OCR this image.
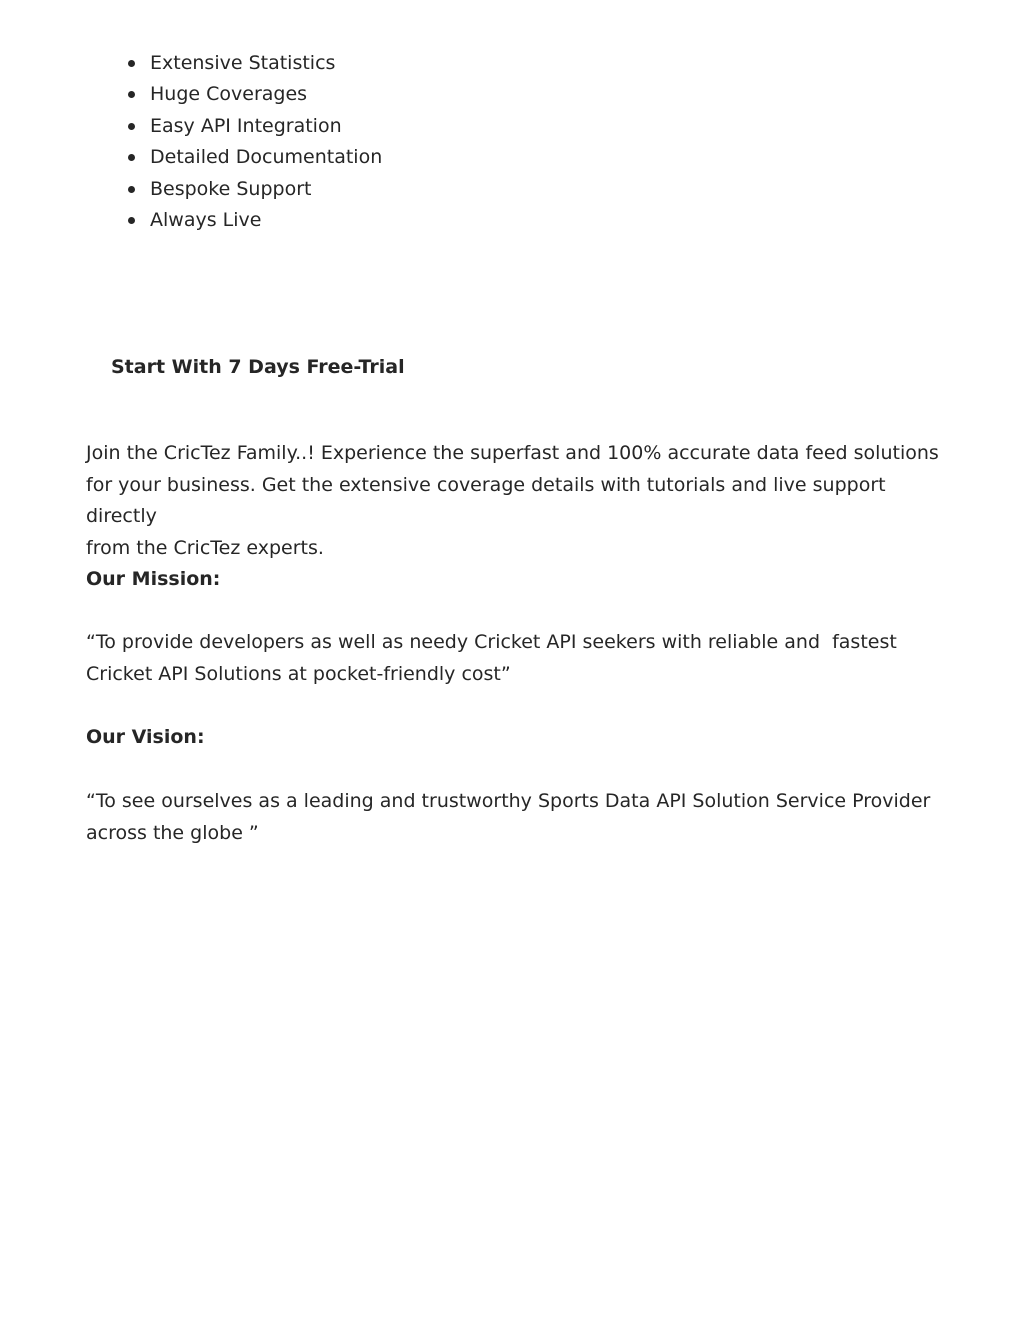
Extensive Statistics
Huge Coverages
Easy API Integration
Detailed Documentation
Bespoke Support
Always Live
Start With 7 Days Free-Trial

Join the CricTez Family..! Experience the superfast and 100% accurate data feed solutions
for your business. Get the extensive coverage details with tutorials and live support directly
from the CricTez experts.

Our Mission:

“To provide developers as well as needy Cricket API seekers with reliable and  fastest
Cricket API Solutions at pocket-friendly cost”

Our Vision:

“To see ourselves as a leading and trustworthy Sports Data API Solution Service Provider
across the globe ”
